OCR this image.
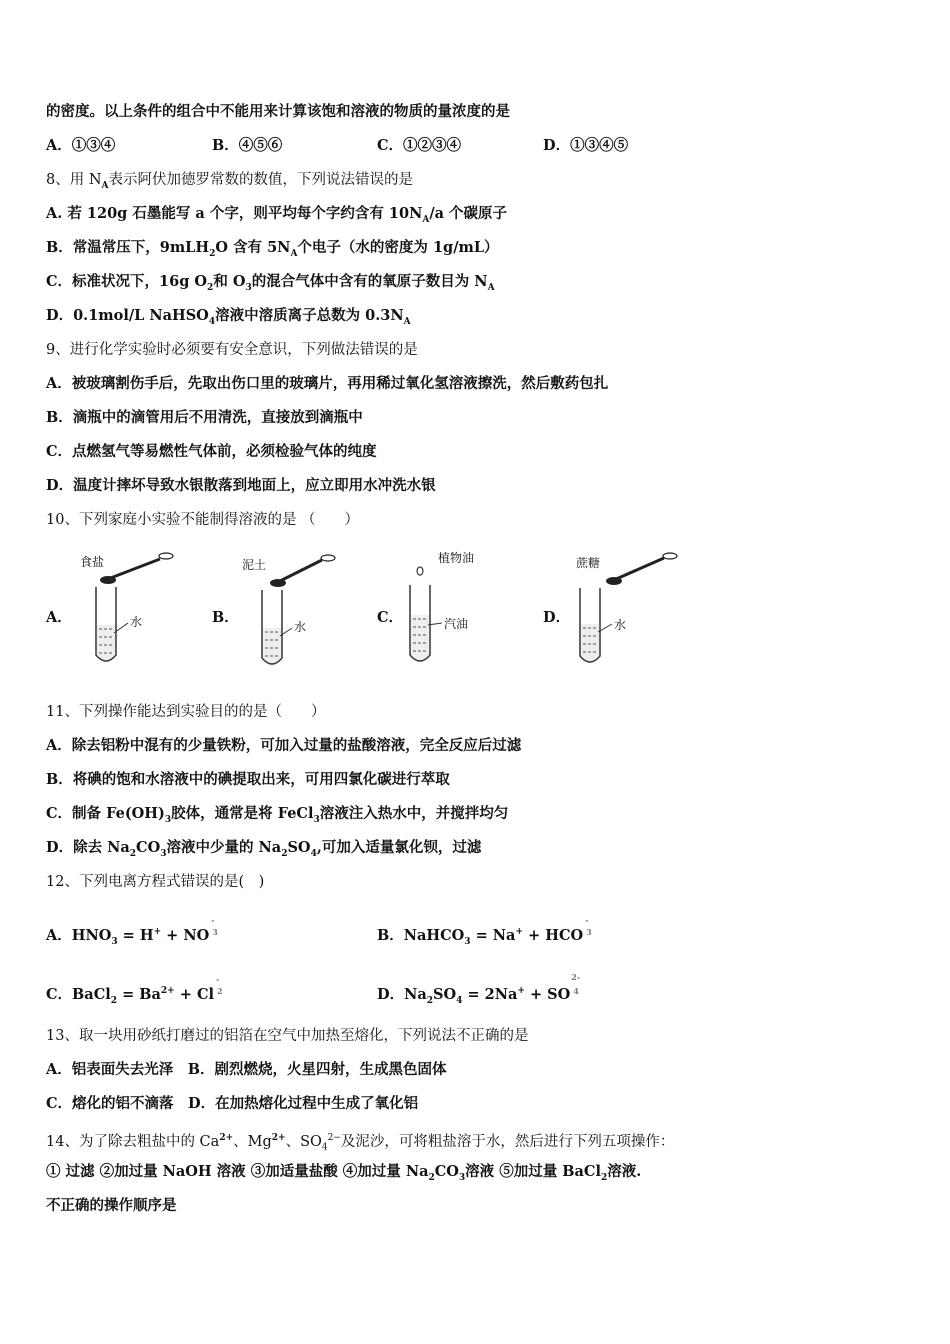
的密度。以上条件的组合中不能用来计算该饱和溶液的物质的量浓度的是
A．①③④	B．④⑤⑥	C．①②③④	D．①③④⑤
8、用 $N_A$表示阿伏加德罗常数的数值，下列说法错误的是
A. 若 120g 石墨能写 a 个字，则平均每个字约含有 $10N_A/a$ 个碳原子
B．常温常压下，9mLH$_2$O 含有 $5N_A$个电子（水的密度为 1g/mL）
C．标准状况下，16g $O_2$和 $O_3$的混合气体中含有的氧原子数目为 $N_A$
D．0.1mol/L NaHSO$_4$溶液中溶质离子总数为 $0.3N_A$
9、进行化学实验时必须要有安全意识，下列做法错误的是
A．被玻璃割伤手后，先取出伤口里的玻璃片，再用稀过氧化氢溶液擦洗，然后敷药包扎
B．滴瓶中的滴管用后不用清洗，直接放到滴瓶中
C．点燃氢气等易燃性气体前，必须检验气体的纯度
D．温度计摔坏导致水银散落到地面上，应立即用水冲洗水银
10、下列家庭小实验不能制得溶液的是 （　　）
A．
食盐
水	B．
泥土
水
C．
植物油
汽油	D．
蔗糖
水
11、下列操作能达到实验目的的是（　　）
A．除去铝粉中混有的少量铁粉，可加入过量的盐酸溶液，完全反应后过滤
B．将碘的饱和水溶液中的碘提取出来，可用四氯化碳进行萃取
C．制备 $Fe(OH)_3$胶体，通常是将 FeCl$_3$溶液注入热水中，并搅拌均匀
D．除去 $Na_2CO_3$溶液中少量的 $Na_2SO_4$,可加入适量氯化钡，过滤
12、下列电离方程式错误的是(　)
A．$HNO_3 = H^+$ + NO
-
3	B．NaHCO$_3$ = Na+ + HCO
-
3
C．BaCl$_2$ = $Ba^{2+} + Cl$
-
2	D．$Na_2SO_4 = 2Na^+$ + SO
2-
4
13、取一块用砂纸打磨过的铝箔在空气中加热至熔化，下列说法不正确的是
A．铝表面失去光泽　B．剧烈燃烧，火星四射，生成黑色固体
C．熔化的铝不滴落　D．在加热熔化过程中生成了氧化铝
14、为了除去粗盐中的 $Ca^{2+}$、$Mg^{2+}$、$SO_4^{2-}$及泥沙，可将粗盐溶于水，然后进行下列五项操作：
① 过滤 ②加过量 NaOH 溶液 ③加适量盐酸 ④加过量 $Na_2CO_3$溶液 ⑤加过量 BaCl$_2$溶液.
不正确的操作顺序是
